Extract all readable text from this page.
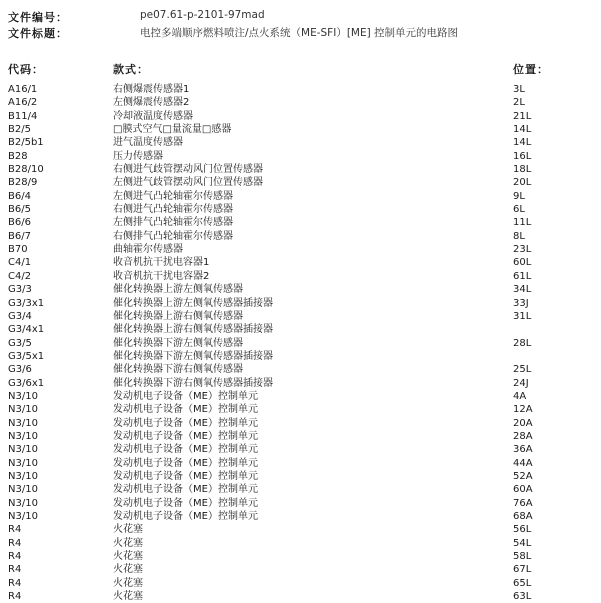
文件编号：	pe07.61-p-2101-97mad
文件标题：	电控多端顺序燃料喷注/点火系统（ME-SFI）[ME] 控制单元的电路图
代码：	款式：	位置：
A16/1	右侧爆震传感器1	3L
A16/2	左侧爆震传感器2	2L
B11/4	冷却液温度传感器	21L
B2/5	□膜式空气□量流量□感器	14L
B2/5b1	进气温度传感器	14L
B28	压力传感器	16L
B28/10	右侧进气歧管摆动风门位置传感器	18L
B28/9	左侧进气歧管摆动风门位置传感器	20L
B6/4	左侧进气凸轮轴霍尔传感器	9L
B6/5	右侧进气凸轮轴霍尔传感器	6L
B6/6	左侧排气凸轮轴霍尔传感器	11L
B6/7	右侧排气凸轮轴霍尔传感器	8L
B70	曲轴霍尔传感器	23L
C4/1	收音机抗干扰电容器1	60L
C4/2	收音机抗干扰电容器2	61L
G3/3	催化转换器上游左侧氧传感器	34L
G3/3x1	催化转换器上游左侧氧传感器插接器	33J
G3/4	催化转换器上游右侧氧传感器	31L
G3/4x1	催化转换器上游右侧氧传感器插接器
G3/5	催化转换器下游左侧氧传感器	28L
G3/5x1	催化转换器下游左侧氧传感器插接器
G3/6	催化转换器下游右侧氧传感器	25L
G3/6x1	催化转换器下游右侧氧传感器插接器	24J
N3/10	发动机电子设备（ME）控制单元	4A
N3/10	发动机电子设备（ME）控制单元	12A
N3/10	发动机电子设备（ME）控制单元	20A
N3/10	发动机电子设备（ME）控制单元	28A
N3/10	发动机电子设备（ME）控制单元	36A
N3/10	发动机电子设备（ME）控制单元	44A
N3/10	发动机电子设备（ME）控制单元	52A
N3/10	发动机电子设备（ME）控制单元	60A
N3/10	发动机电子设备（ME）控制单元	76A
N3/10	发动机电子设备（ME）控制单元	68A
R4	火花塞	56L
R4	火花塞	54L
R4	火花塞	58L
R4	火花塞	67L
R4	火花塞	65L
R4	火花塞	63L
